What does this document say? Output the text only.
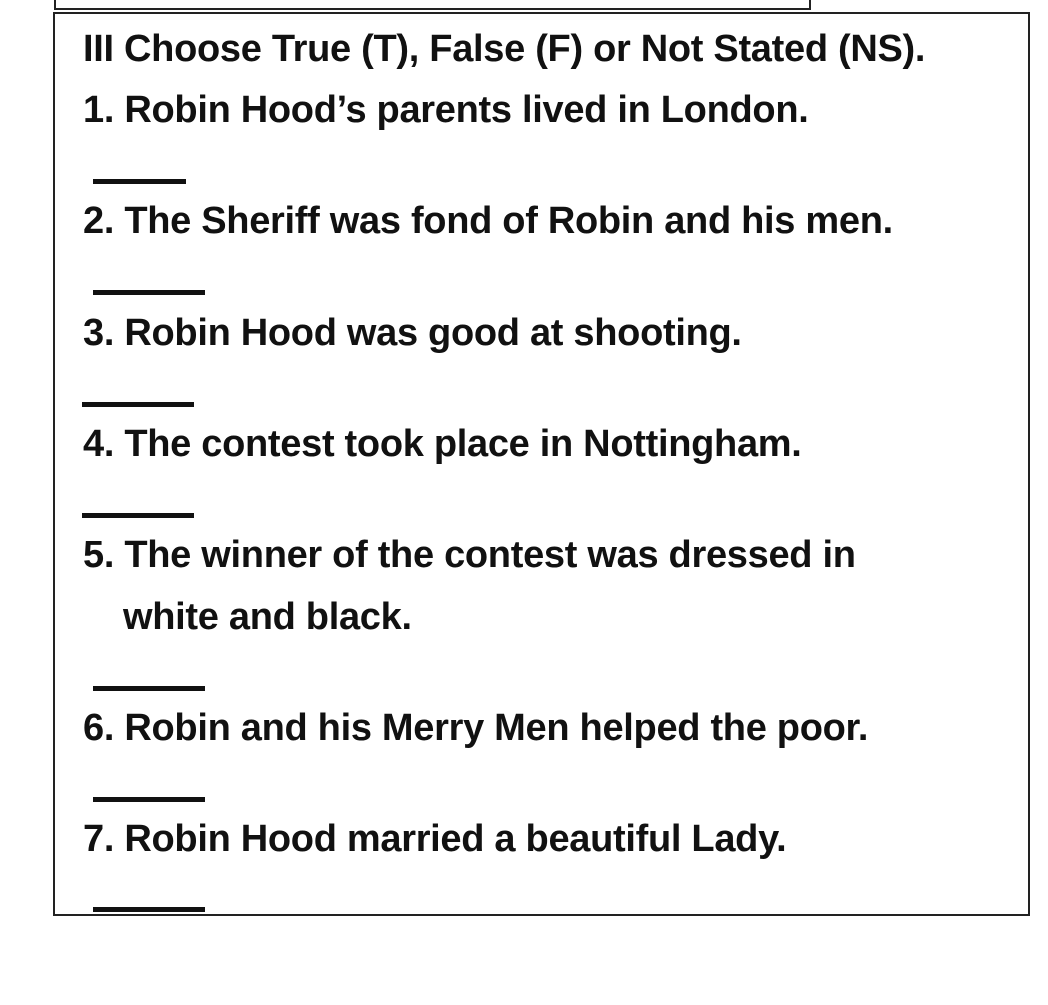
III Choose True (T), False (F) or Not Stated (NS).

1. Robin Hood’s parents lived in London.

2. The Sheriff was fond of Robin and his men.

3. Robin Hood was good at shooting.

4. The contest took place in Nottingham.

5. The winner of the contest was dressed in

white and black.

6. Robin and his Merry Men helped the poor.

7. Robin Hood married a beautiful Lady.
